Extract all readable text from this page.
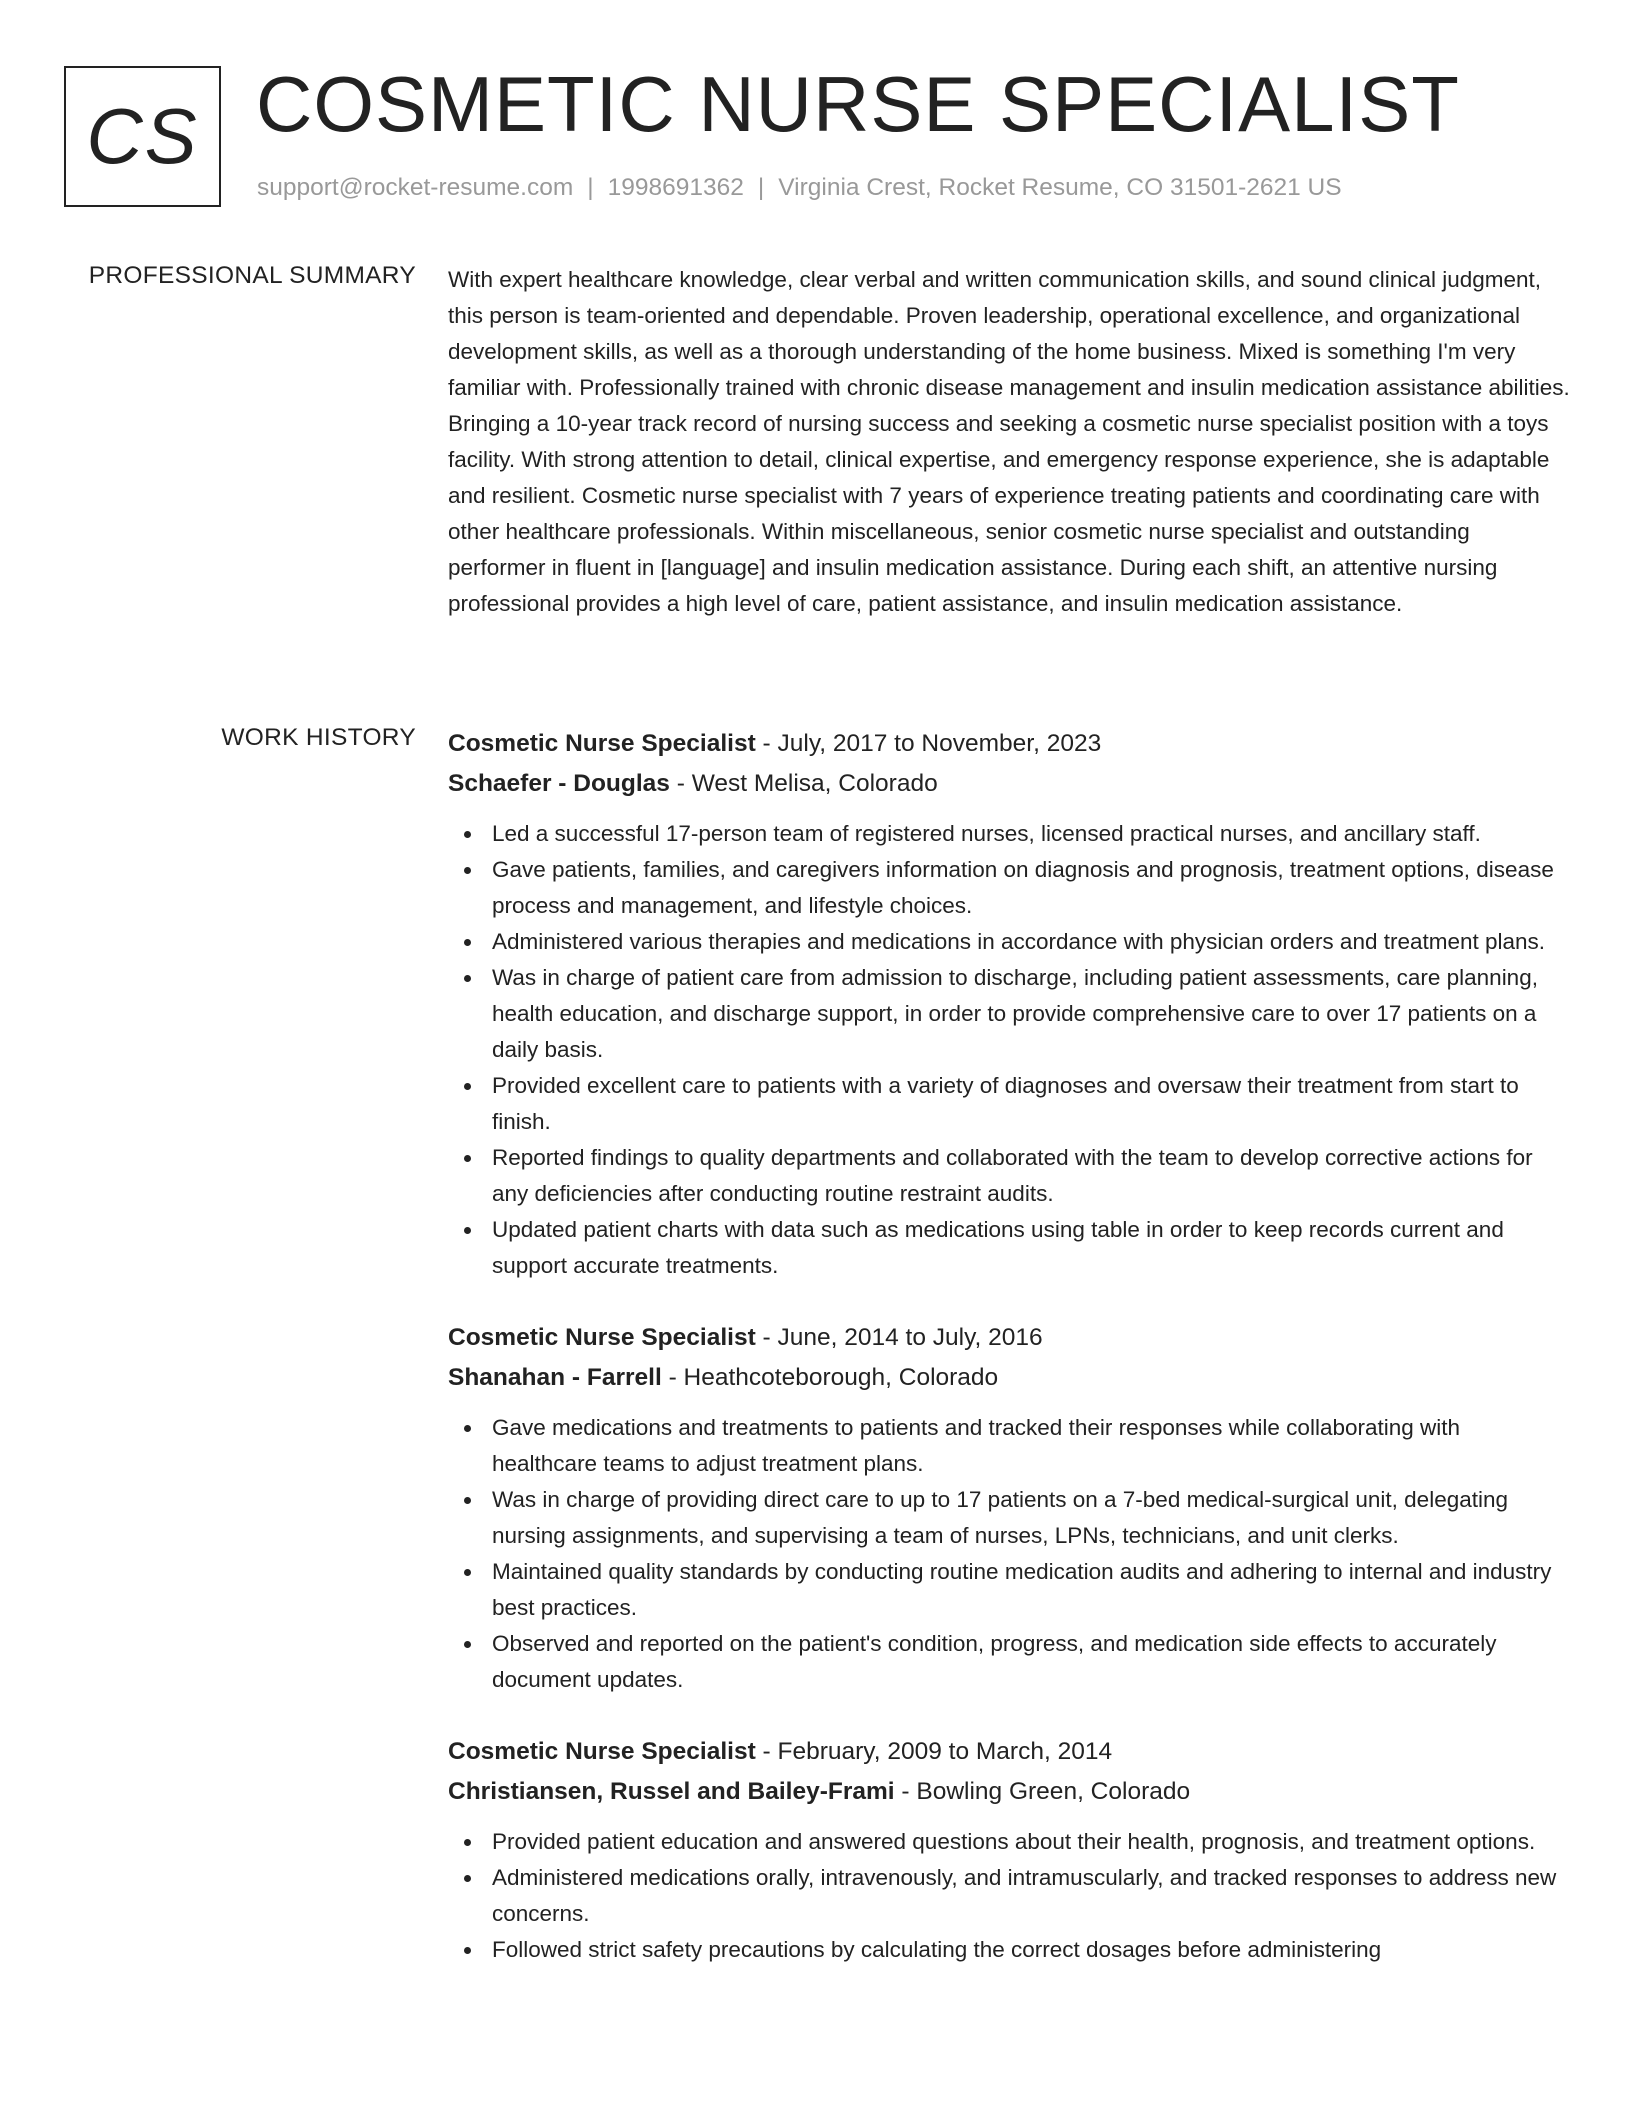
CS COSMETIC NURSE SPECIALIST
support@rocket-resume.com | 1998691362 | Virginia Crest, Rocket Resume, CO 31501-2621 US
PROFESSIONAL SUMMARY With expert healthcare knowledge, clear verbal and written communication skills, and sound clinical judgment, this person is team-oriented and dependable. Proven leadership, operational excellence, and organizational development skills, as well as a thorough understanding of the home business. Mixed is something I'm very familiar with. Professionally trained with chronic disease management and insulin medication assistance abilities. Bringing a 10-year track record of nursing success and seeking a cosmetic nurse specialist position with a toys facility. With strong attention to detail, clinical expertise, and emergency response experience, she is adaptable and resilient. Cosmetic nurse specialist with 7 years of experience treating patients and coordinating care with other healthcare professionals. Within miscellaneous, senior cosmetic nurse specialist and outstanding performer in fluent in [language] and insulin medication assistance. During each shift, an attentive nursing professional provides a high level of care, patient assistance, and insulin medication assistance.

WORK HISTORY Cosmetic Nurse Specialist - July, 2017 to November, 2023
Schaefer - Douglas - West Melisa, Colorado
Led a successful 17-person team of registered nurses, licensed practical nurses, and ancillary staff.
Gave patients, families, and caregivers information on diagnosis and prognosis, treatment options, disease process and management, and lifestyle choices.
Administered various therapies and medications in accordance with physician orders and treatment plans.
Was in charge of patient care from admission to discharge, including patient assessments, care planning, health education, and discharge support, in order to provide comprehensive care to over 17 patients on a daily basis.
Provided excellent care to patients with a variety of diagnoses and oversaw their treatment from start to finish.
Reported findings to quality departments and collaborated with the team to develop corrective actions for any deficiencies after conducting routine restraint audits.
Updated patient charts with data such as medications using table in order to keep records current and support accurate treatments.
Cosmetic Nurse Specialist - June, 2014 to July, 2016
Shanahan - Farrell - Heathcoteborough, Colorado
Gave medications and treatments to patients and tracked their responses while collaborating with healthcare teams to adjust treatment plans.
Was in charge of providing direct care to up to 17 patients on a 7-bed medical-surgical unit, delegating nursing assignments, and supervising a team of nurses, LPNs, technicians, and unit clerks.
Maintained quality standards by conducting routine medication audits and adhering to internal and industry best practices.
Observed and reported on the patient's condition, progress, and medication side effects to accurately document updates.
Cosmetic Nurse Specialist - February, 2009 to March, 2014
Christiansen, Russel and Bailey-Frami - Bowling Green, Colorado
Provided patient education and answered questions about their health, prognosis, and treatment options.
Administered medications orally, intravenously, and intramuscularly, and tracked responses to address new concerns.
Followed strict safety precautions by calculating the correct dosages before administering
